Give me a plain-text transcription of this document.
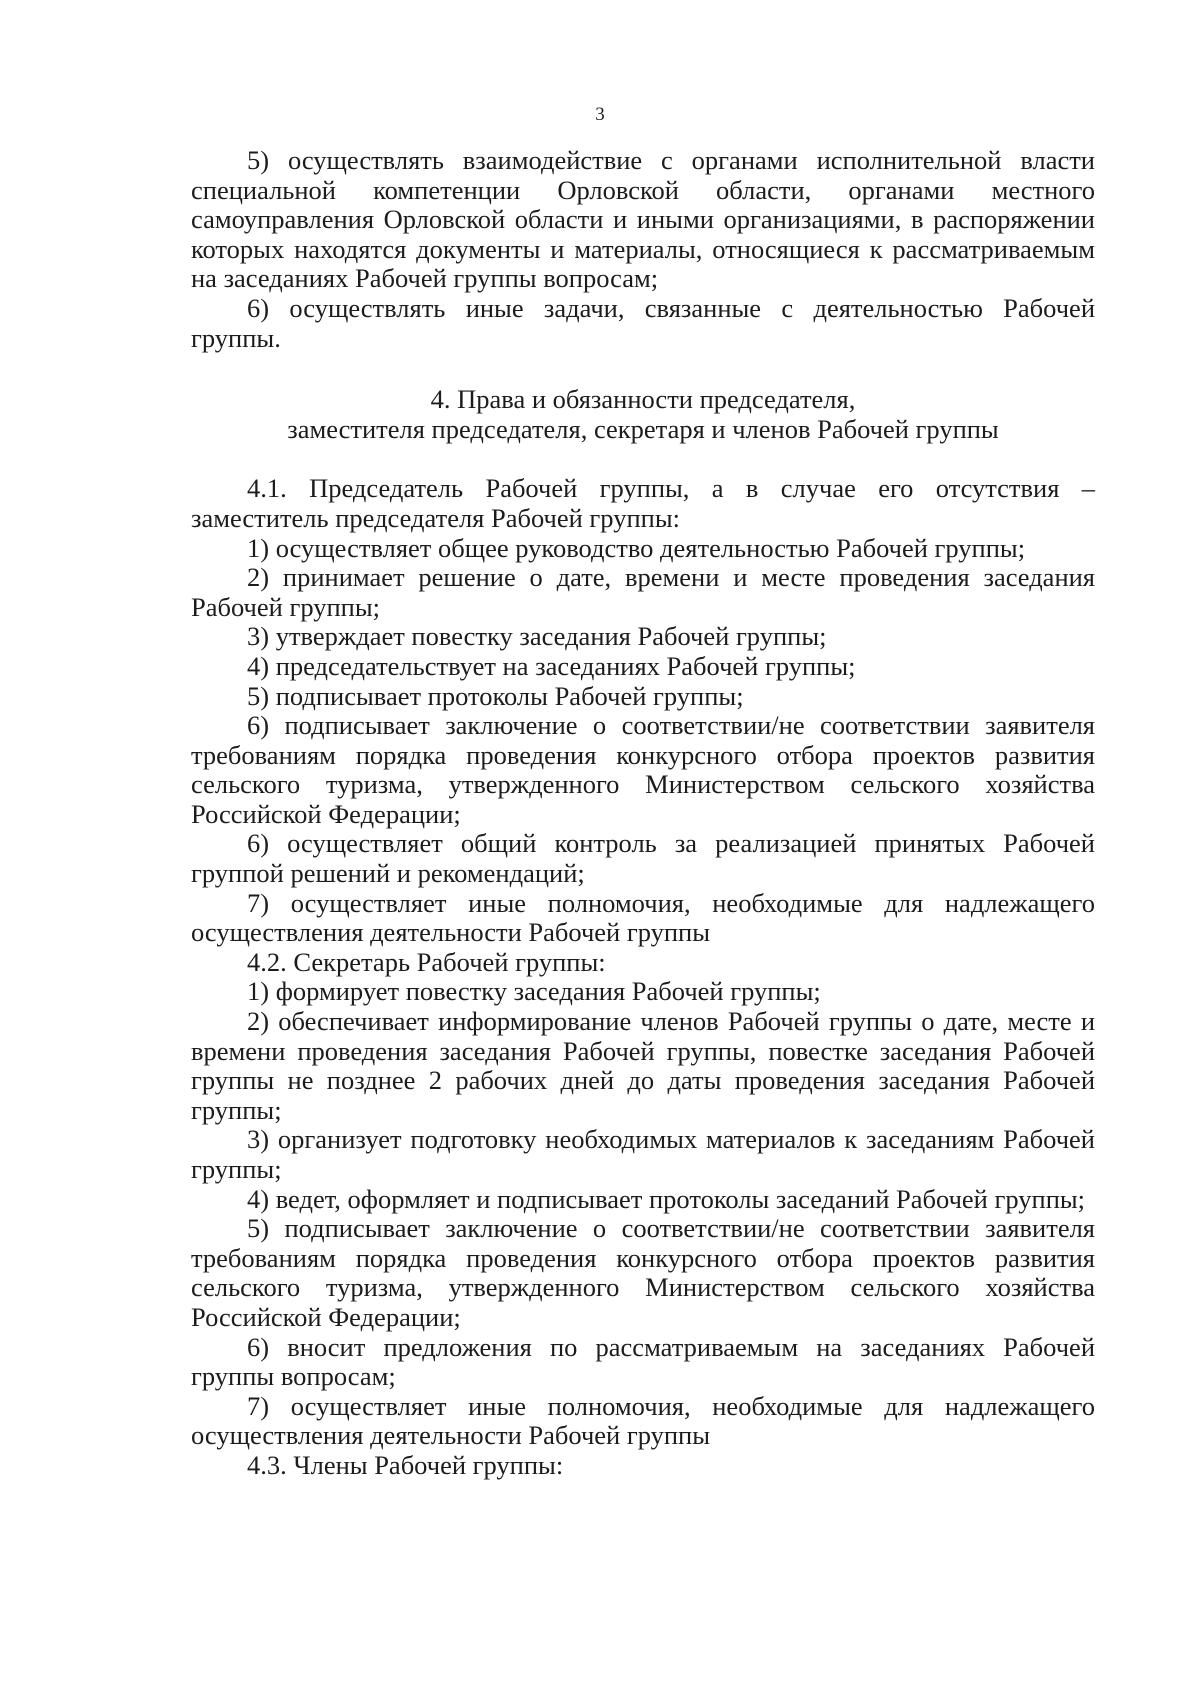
3

5) осуществлять взаимодействие с органами исполнительной власти специальной компетенции Орловской области, органами местного самоуправления Орловской области и иными организациями, в распоряжении которых находятся документы и материалы, относящиеся к рассматриваемым на заседаниях Рабочей группы вопросам;

6) осуществлять иные задачи, связанные с деятельностью Рабочей группы.

4. Права и обязанности председателя,
заместителя председателя, секретаря и членов Рабочей группы

4.1. Председатель Рабочей группы, а в случае его отсутствия – заместитель председателя Рабочей группы:

1) осуществляет общее руководство деятельностью Рабочей группы;

2) принимает решение о дате, времени и месте проведения заседания Рабочей группы;

3) утверждает повестку заседания Рабочей группы;

4) председательствует на заседаниях Рабочей группы;

5) подписывает протоколы Рабочей группы;

6) подписывает заключение о соответствии/не соответствии заявителя требованиям порядка проведения конкурсного отбора проектов развития сельского туризма, утвержденного Министерством сельского хозяйства Российской Федерации;

6) осуществляет общий контроль за реализацией принятых Рабочей группой решений и рекомендаций;

7) осуществляет иные полномочия, необходимые для надлежащего осуществления деятельности Рабочей группы

4.2. Секретарь Рабочей группы:

1) формирует повестку заседания Рабочей группы;

2) обеспечивает информирование членов Рабочей группы о дате, месте и времени проведения заседания Рабочей группы, повестке заседания Рабочей группы не позднее 2 рабочих дней до даты проведения заседания Рабочей группы;

3) организует подготовку необходимых материалов к заседаниям Рабочей группы;

4) ведет, оформляет и подписывает протоколы заседаний Рабочей группы;

5) подписывает заключение о соответствии/не соответствии заявителя требованиям порядка проведения конкурсного отбора проектов развития сельского туризма, утвержденного Министерством сельского хозяйства Российской Федерации;

6) вносит предложения по рассматриваемым на заседаниях Рабочей группы вопросам;

7) осуществляет иные полномочия, необходимые для надлежащего осуществления деятельности Рабочей группы

4.3. Члены Рабочей группы:
